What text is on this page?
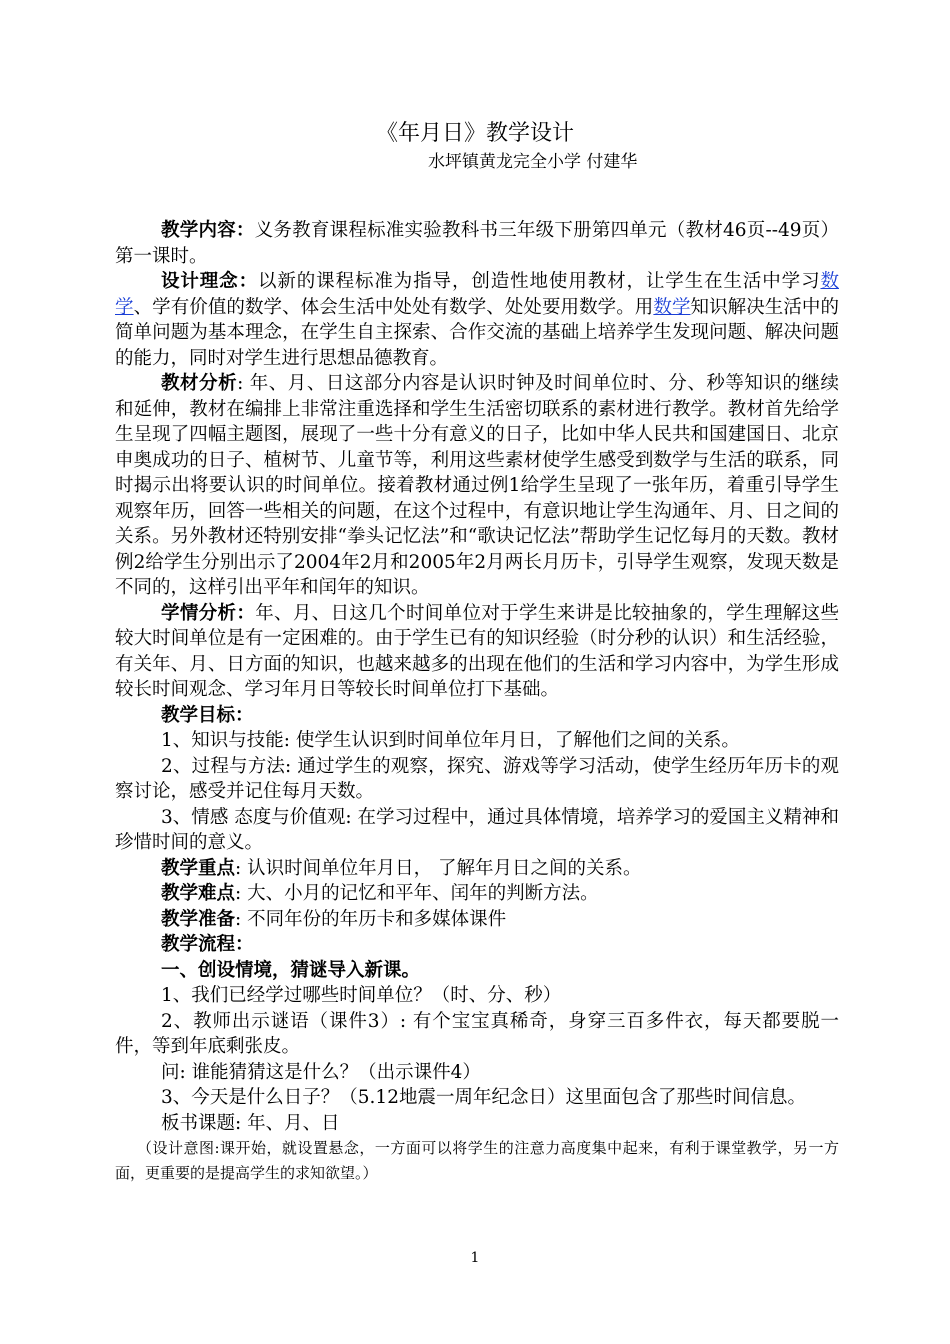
《年月日》教学设计
水坪镇黄龙完全小学 付建华

教学内容：义务教育课程标准实验教科书三年级下册第四单元（教材46页--49页）第一课时。

设计理念：以新的课程标准为指导，创造性地使用教材，让学生在生活中学习数学、学有价值的数学、体会生活中处处有数学、处处要用数学。用数学知识解决生活中的简单问题为基本理念，在学生自主探索、合作交流的基础上培养学生发现问题、解决问题的能力，同时对学生进行思想品德教育。

教材分析: 年、月、日这部分内容是认识时钟及时间单位时、分、秒等知识的继续和延伸，教材在编排上非常注重选择和学生生活密切联系的素材进行教学。教材首先给学生呈现了四幅主题图，展现了一些十分有意义的日子，比如中华人民共和国建国日、北京申奥成功的日子、植树节、儿童节等，利用这些素材使学生感受到数学与生活的联系，同时揭示出将要认识的时间单位。接着教材通过例1给学生呈现了一张年历，着重引导学生观察年历，回答一些相关的问题，在这个过程中，有意识地让学生沟通年、月、日之间的关系。另外教材还特别安排“拳头记忆法”和“歌诀记忆法”帮助学生记忆每月的天数。教材例2给学生分别出示了2004年2月和2005年2月两长月历卡，引导学生观察，发现天数是不同的，这样引出平年和闰年的知识。

学情分析：年、月、日这几个时间单位对于学生来讲是比较抽象的，学生理解这些较大时间单位是有一定困难的。由于学生已有的知识经验（时分秒的认识）和生活经验，有关年、月、日方面的知识，也越来越多的出现在他们的生活和学习内容中，为学生形成较长时间观念、学习年月日等较长时间单位打下基础。

教学目标：

1、知识与技能: 使学生认识到时间单位年月日，了解他们之间的关系。

2、过程与方法: 通过学生的观察，探究、游戏等学习活动，使学生经历年历卡的观察讨论，感受并记住每月天数。

3、情感 态度与价值观: 在学习过程中，通过具体情境，培养学习的爱国主义精神和珍惜时间的意义。

教学重点: 认识时间单位年月日， 了解年月日之间的关系。

教学难点: 大、小月的记忆和平年、闰年的判断方法。

教学准备: 不同年份的年历卡和多媒体课件

教学流程：

一、创设情境，猜谜导入新课。

1、我们已经学过哪些时间单位？（时、分、秒）

2、教师出示谜语（课件3）: 有个宝宝真稀奇，身穿三百多件衣，每天都要脱一件，等到年底剩张皮。

问: 谁能猜猜这是什么？（出示课件4）

3、今天是什么日子？（5.12地震一周年纪念日）这里面包含了那些时间信息。

板书课题: 年、月、日

（设计意图:课开始，就设置悬念，一方面可以将学生的注意力高度集中起来，有利于课堂教学，另一方面，更重要的是提高学生的求知欲望。）

1
